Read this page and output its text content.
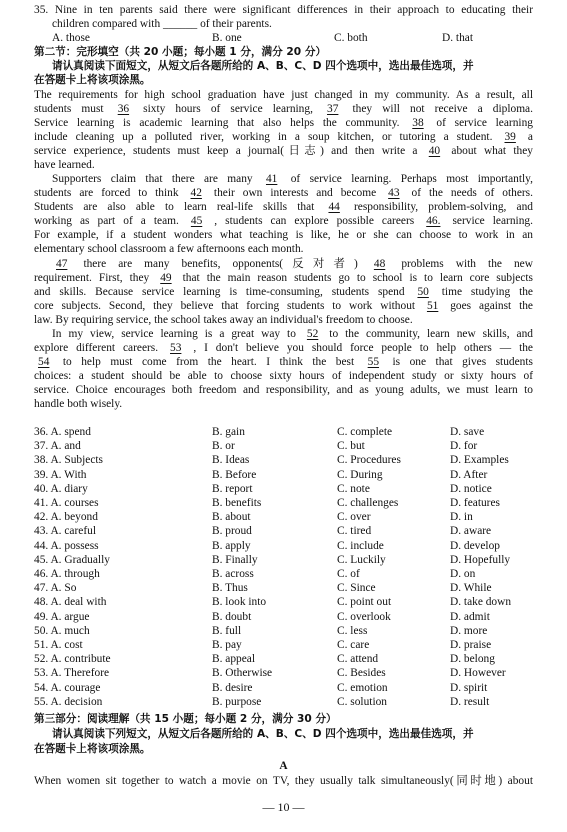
35. Nine in ten parents said there were significant differences in their approach to educating their
children compared with ______ of their parents.
A. those	B. one	C. both	D. that
第二节：完形填空（共 20 小题；每小题 1 分，满分 20 分）
请认真阅读下面短文，从短文后各题所给的 A、B、C、D 四个选项中，选出最佳选项，并
在答题卡上将该项涂黑。
The requirements for high school graduation have just changed in my community. As a result, all
students must 36 sixty hours of service learning, 37 they will not receive a diploma.
Service learning is academic learning that also helps the community. 38 of service learning
include cleaning up a polluted river, working in a soup kitchen, or tutoring a student. 39 a
service experience, students must keep a journal(日志) and then write a 40 about what they
have learned.
Supporters claim that there are many 41 of service learning. Perhaps most importantly,
students are forced to think 42 their own interests and become 43 of the needs of others.
Students are also able to learn real-life skills that 44 responsibility, problem-solving, and
working as part of a team. 45 , students can explore possible careers 46. service learning.
For example, if a student wonders what teaching is like, he or she can choose to work in an
elementary school classroom a few afternoons each month.
47 there are many benefits, opponents(反对者) 48 problems with the new
requirement. First, they 49 that the main reason students go to school is to learn core subjects
and skills. Because service learning is time-consuming, students spend 50 time studying the
core subjects. Second, they believe that forcing students to work without 51 goes against the
law. By requiring service, the school takes away an individual's freedom to choose.
In my view, service learning is a great way to 52 to the community, learn new skills, and
explore different careers. 53 , I don't believe you should force people to help others — the
54 to help must come from the heart. I think the best 55 is one that gives students
choices: a student should be able to choose sixty hours of independent study or sixty hours of
service. Choice encourages both freedom and responsibility, and as young adults, we must learn to
handle both wisely.
36. A. spend	B. gain	C. complete	D. save
37. A. and	B. or	C. but	D. for
38. A. Subjects	B. Ideas	C. Procedures	D. Examples
39. A. With	B. Before	C. During	D. After
40. A. diary	B. report	C. note	D. notice
41. A. courses	B. benefits	C. challenges	D. features
42. A. beyond	B. about	C. over	D. in
43. A. careful	B. proud	C. tired	D. aware
44. A. possess	B. apply	C. include	D. develop
45. A. Gradually	B. Finally	C. Luckily	D. Hopefully
46. A. through	B. across	C. of	D. on
47. A. So	B. Thus	C. Since	D. While
48. A. deal with	B. look into	C. point out	D. take down
49. A. argue	B. doubt	C. overlook	D. admit
50. A. much	B. full	C. less	D. more
51. A. cost	B. pay	C. care	D. praise
52. A. contribute	B. appeal	C. attend	D. belong
53. A. Therefore	B. Otherwise	C. Besides	D. However
54. A. courage	B. desire	C. emotion	D. spirit
55. A. decision	B. purpose	C. solution	D. result
第三部分：阅读理解（共 15 小题；每小题 2 分，满分 30 分）
请认真阅读下列短文，从短文后各题所给的 A、B、C、D 四个选项中，选出最佳选项，并
在答题卡上将该项涂黑。
A
When women sit together to watch a movie on TV, they usually talk simultaneously(同时地) about
— 10 —
